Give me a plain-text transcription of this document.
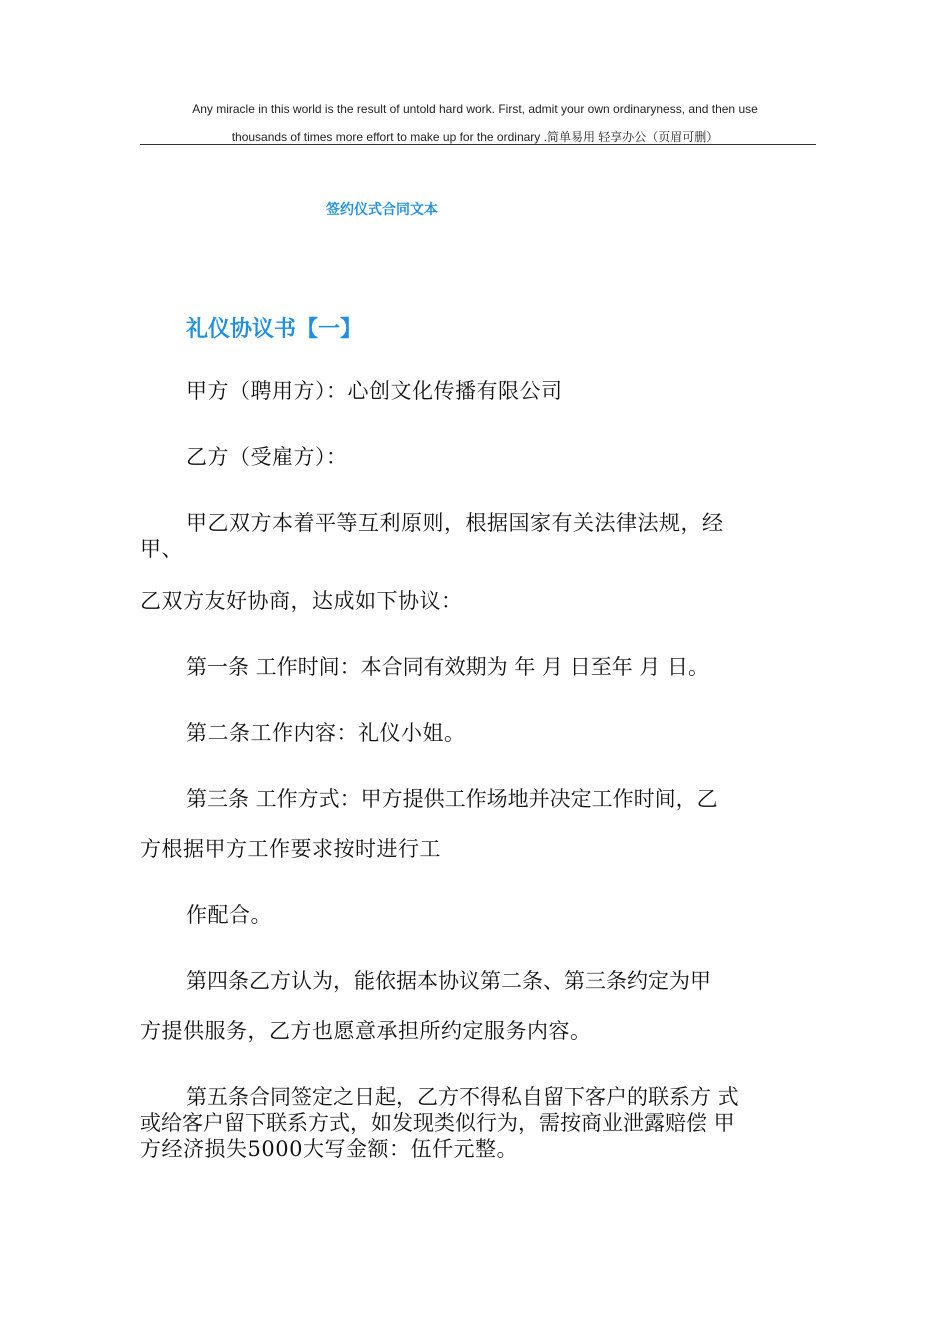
Any miracle in this world is the result of untold hard work. First, admit your own ordinaryness, and then use
thousands of times more effort to make up for the ordinary .简单易用 轻享办公（页眉可删）
签约仪式合同文本
礼仪协议书【一】
甲方（聘用方）：心创文化传播有限公司
乙方（受雇方）：
甲乙双方本着平等互利原则，根据国家有关法律法规，经
甲、
乙双方友好协商，达成如下协议：
第一条 工作时间：本合同有效期为 年 月 日至年 月 日。
第二条工作内容：礼仪小姐。
第三条 工作方式：甲方提供工作场地并决定工作时间，乙
方根据甲方工作要求按时进行工
作配合。
第四条乙方认为，能依据本协议第二条、第三条约定为甲
方提供服务，乙方也愿意承担所约定服务内容。
第五条合同签定之日起，乙方不得私自留下客户的联系方 式
或给客户留下联系方式，如发现类似行为，需按商业泄露赔偿 甲
方经济损失5000大写金额：伍仟元整。
